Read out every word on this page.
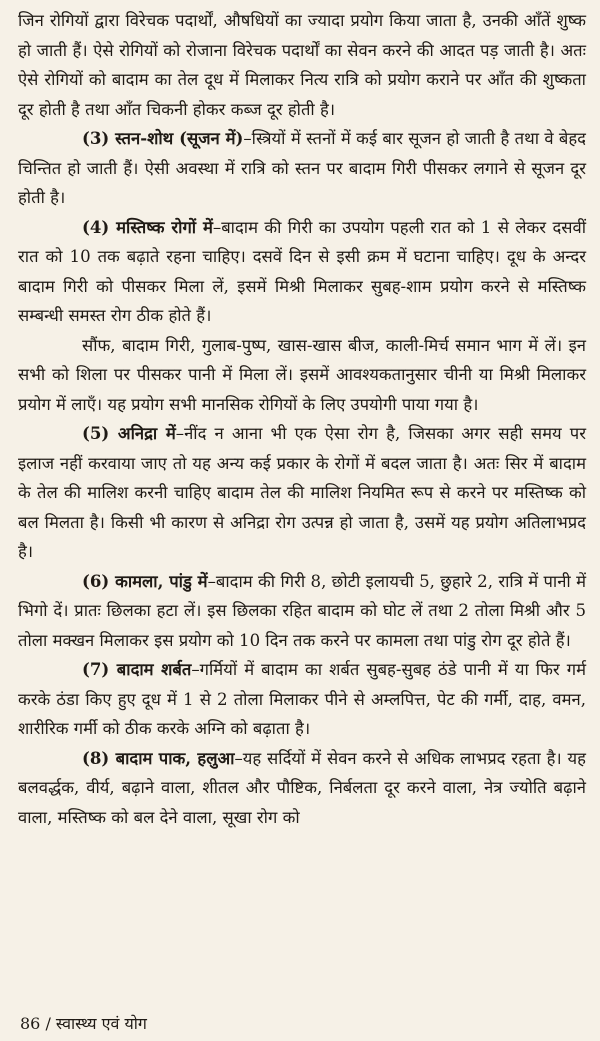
जिन रोगियों द्वारा विरेचक पदार्थों, औषधियों का ज्यादा प्रयोग किया जाता है, उनकी आँतें शुष्क हो जाती हैं। ऐसे रोगियों को रोजाना विरेचक पदार्थों का सेवन करने की आदत पड़ जाती है। अतः ऐसे रोगियों को बादाम का तेल दूध में मिलाकर नित्य रात्रि को प्रयोग कराने पर आँत की शुष्कता दूर होती है तथा आँत चिकनी होकर कब्ज दूर होती है।

(3) स्तन-शोथ (सूजन में)–स्त्रियों में स्तनों में कई बार सूजन हो जाती है तथा वे बेहद चिन्तित हो जाती हैं। ऐसी अवस्था में रात्रि को स्तन पर बादाम गिरी पीसकर लगाने से सूजन दूर होती है।

(4) मस्तिष्क रोगों में–बादाम की गिरी का उपयोग पहली रात को 1 से लेकर दसवीं रात को 10 तक बढ़ाते रहना चाहिए। दसवें दिन से इसी क्रम में घटाना चाहिए। दूध के अन्दर बादाम गिरी को पीसकर मिला लें, इसमें मिश्री मिलाकर सुबह-शाम प्रयोग करने से मस्तिष्क सम्बन्धी समस्त रोग ठीक होते हैं।

सौंफ, बादाम गिरी, गुलाब-पुष्प, खास-खास बीज, काली-मिर्च समान भाग में लें। इन सभी को शिला पर पीसकर पानी में मिला लें। इसमें आवश्यकतानुसार चीनी या मिश्री मिलाकर प्रयोग में लाएँ। यह प्रयोग सभी मानसिक रोगियों के लिए उपयोगी पाया गया है।

(5) अनिद्रा में–नींद न आना भी एक ऐसा रोग है, जिसका अगर सही समय पर इलाज नहीं करवाया जाए तो यह अन्य कई प्रकार के रोगों में बदल जाता है। अतः सिर में बादाम के तेल की मालिश करनी चाहिए बादाम तेल की मालिश नियमित रूप से करने पर मस्तिष्क को बल मिलता है। किसी भी कारण से अनिद्रा रोग उत्पन्न हो जाता है, उसमें यह प्रयोग अतिलाभप्रद है।

(6) कामला, पांडु में–बादाम की गिरी 8, छोटी इलायची 5, छुहारे 2, रात्रि में पानी में भिगो दें। प्रातः छिलका हटा लें। इस छिलका रहित बादाम को घोट लें तथा 2 तोला मिश्री और 5 तोला मक्खन मिलाकर इस प्रयोग को 10 दिन तक करने पर कामला तथा पांडु रोग दूर होते हैं।

(7) बादाम शर्बत–गर्मियों में बादाम का शर्बत सुबह-सुबह ठंडे पानी में या फिर गर्म करके ठंडा किए हुए दूध में 1 से 2 तोला मिलाकर पीने से अम्लपित्त, पेट की गर्मी, दाह, वमन, शारीरिक गर्मी को ठीक करके अग्नि को बढ़ाता है।

(8) बादाम पाक, हलुआ–यह सर्दियों में सेवन करने से अधिक लाभप्रद रहता है। यह बलवर्द्धक, वीर्य, बढ़ाने वाला, शीतल और पौष्टिक, निर्बलता दूर करने वाला, नेत्र ज्योति बढ़ाने वाला, मस्तिष्क को बल देने वाला, सूखा रोग को

86 / स्वास्थ्य एवं योग
